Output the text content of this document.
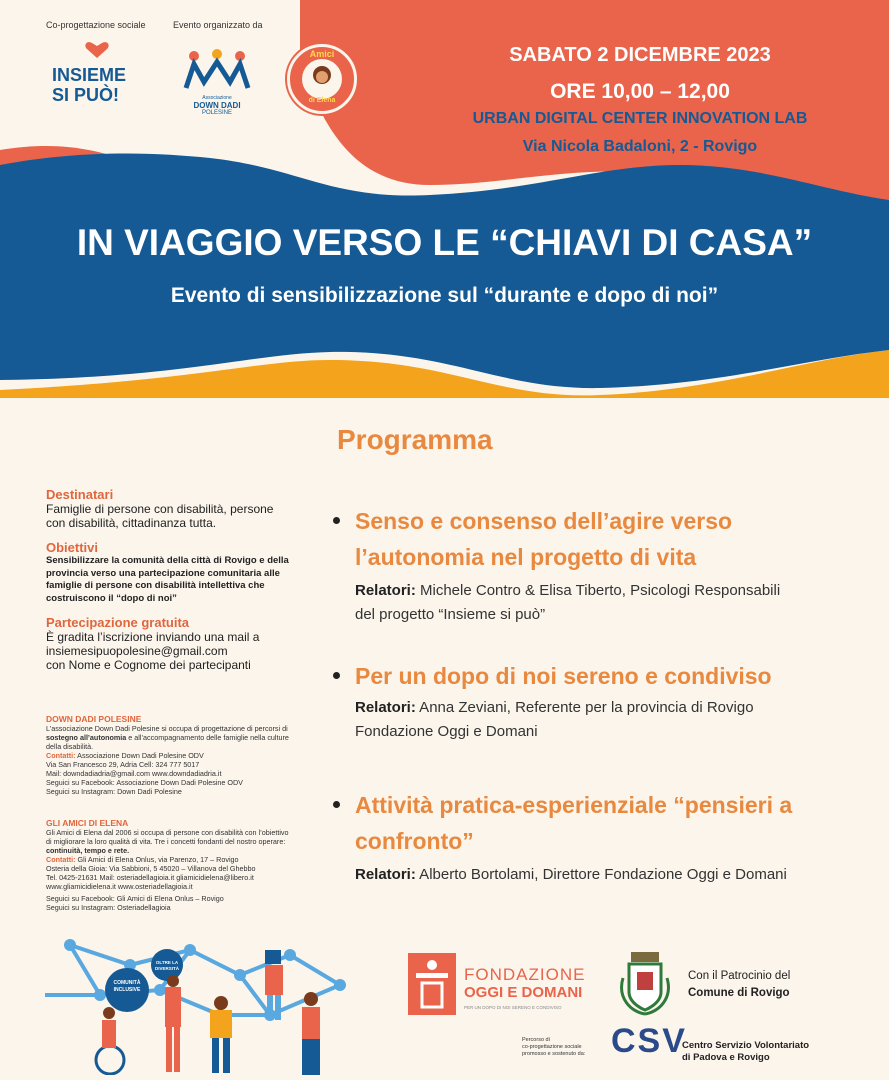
Co-progettazione sociale	Evento organizzato da
INSIEME
SI PUÒ!	Associazione
DOWN DADI
POLESINE
Amici
di Elena
SABATO 2 DICEMBRE 2023
ORE 10,00 – 12,00
URBAN DIGITAL CENTER INNOVATION LAB
Via Nicola Badaloni, 2 - Rovigo
IN VIAGGIO VERSO LE “CHIAVI DI CASA”
Evento di sensibilizzazione sul “durante e dopo di noi”
Destinatari
Famiglie di persone con disabilità, persone con disabilità, cittadinanza tutta.
Obiettivi
Sensibilizzare la comunità della città di Rovigo e della provincia verso una partecipazione comunitaria alle famiglie di persone con disabilità intellettiva che costruiscono il “dopo di noi”
Partecipazione gratuita
È gradita l’iscrizione inviando una mail a
insiemesipuopolesine@gmail.com
con Nome e Cognome dei partecipanti
DOWN DADI POLESINE
L’associazione Down Dadi Polesine si occupa di progettazione di percorsi di sostegno all’autonomia e all’accompagnamento delle famiglie nella culture della disabilità.
Contatti: Associazione Down Dadi Polesine ODV
Via San Francesco 29, Adria Cell: 324 777 5017
Mail: downdadiadria@gmail.com www.downdadiadria.it
Seguici su Facebook: Associazione Down Dadi Polesine ODV
Seguici su Instagram: Down Dadi Polesine
GLI AMICI DI ELENA
Gli Amici di Elena dal 2006 si occupa di persone con disabilità con l’obiettivo di migliorare la loro qualità di vita. Tre i concetti fondanti del nostro operare: continuità, tempo e rete.
Contatti: Gli Amici di Elena Onlus, via Parenzo, 17 – Rovigo
Osteria della Gioia: Via Sabbioni, 5 45020 – Villanova del Ghebbo
Tel. 0425-21631 Mail: osteriadellagioia.it gliamicidielena@libero.it
www.gliamicidielena.it www.osteriadellagioia.it
Seguici su Facebook: Gli Amici di Elena Onlus – Rovigo
Seguici su Instagram: Osteriadellagioia
COMUNITÀ
INCLUSIVE
OLTRE LA
DIVERSITÀ
Programma
Senso e consenso dell’agire verso
l’autonomia nel progetto di vita
Relatori: Michele Contro & Elisa Tiberto, Psicologi Responsabili
del progetto “Insieme si può”
Per un dopo di noi sereno e condiviso
Relatori: Anna Zeviani, Referente per la provincia di Rovigo
Fondazione Oggi e Domani
Attività pratica-esperienziale “pensieri a
confronto”
Relatori: Alberto Bortolami, Direttore Fondazione Oggi e Domani
FONDAZIONE
OGGI E DOMANI
PER UN DOPO DI NOI SERENO E CONDIVISO
Con il Patrocinio del
Comune di Rovigo
Percorso di
co-progettazione sociale
promosso e sostenuto da: CSV
Centro Servizio Volontariato
di Padova e Rovigo
